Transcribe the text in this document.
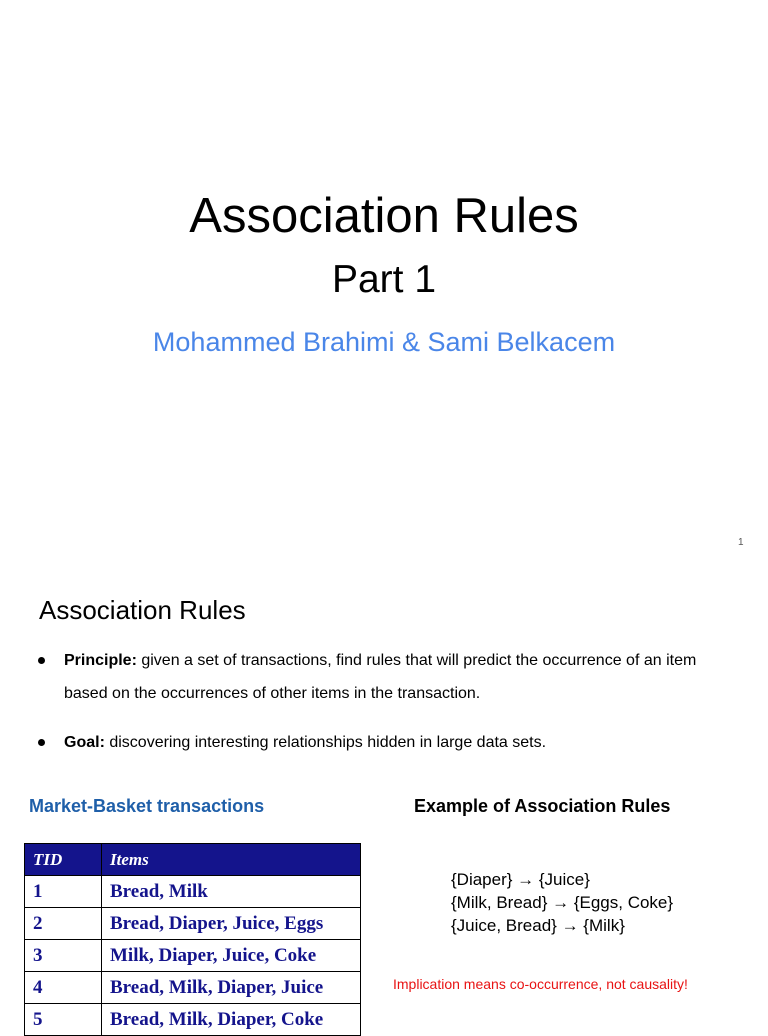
Association Rules
Part 1
Mohammed Brahimi & Sami Belkacem
1
Association Rules
Principle: given a set of transactions, find rules that will predict the occurrence of an item based on the occurrences of other items in the transaction.
Goal: discovering interesting relationships hidden in large data sets.
Market-Basket transactions	Example of Association Rules
TID	Items
1	Bread, Milk
2	Bread, Diaper, Juice, Eggs
3	Milk, Diaper, Juice, Coke
4	Bread, Milk, Diaper, Juice
5	Bread, Milk, Diaper, Coke
{Diaper} → {Juice}
{Milk, Bread} → {Eggs, Coke}
{Juice, Bread} → {Milk}
Implication means co-occurrence, not causality!
